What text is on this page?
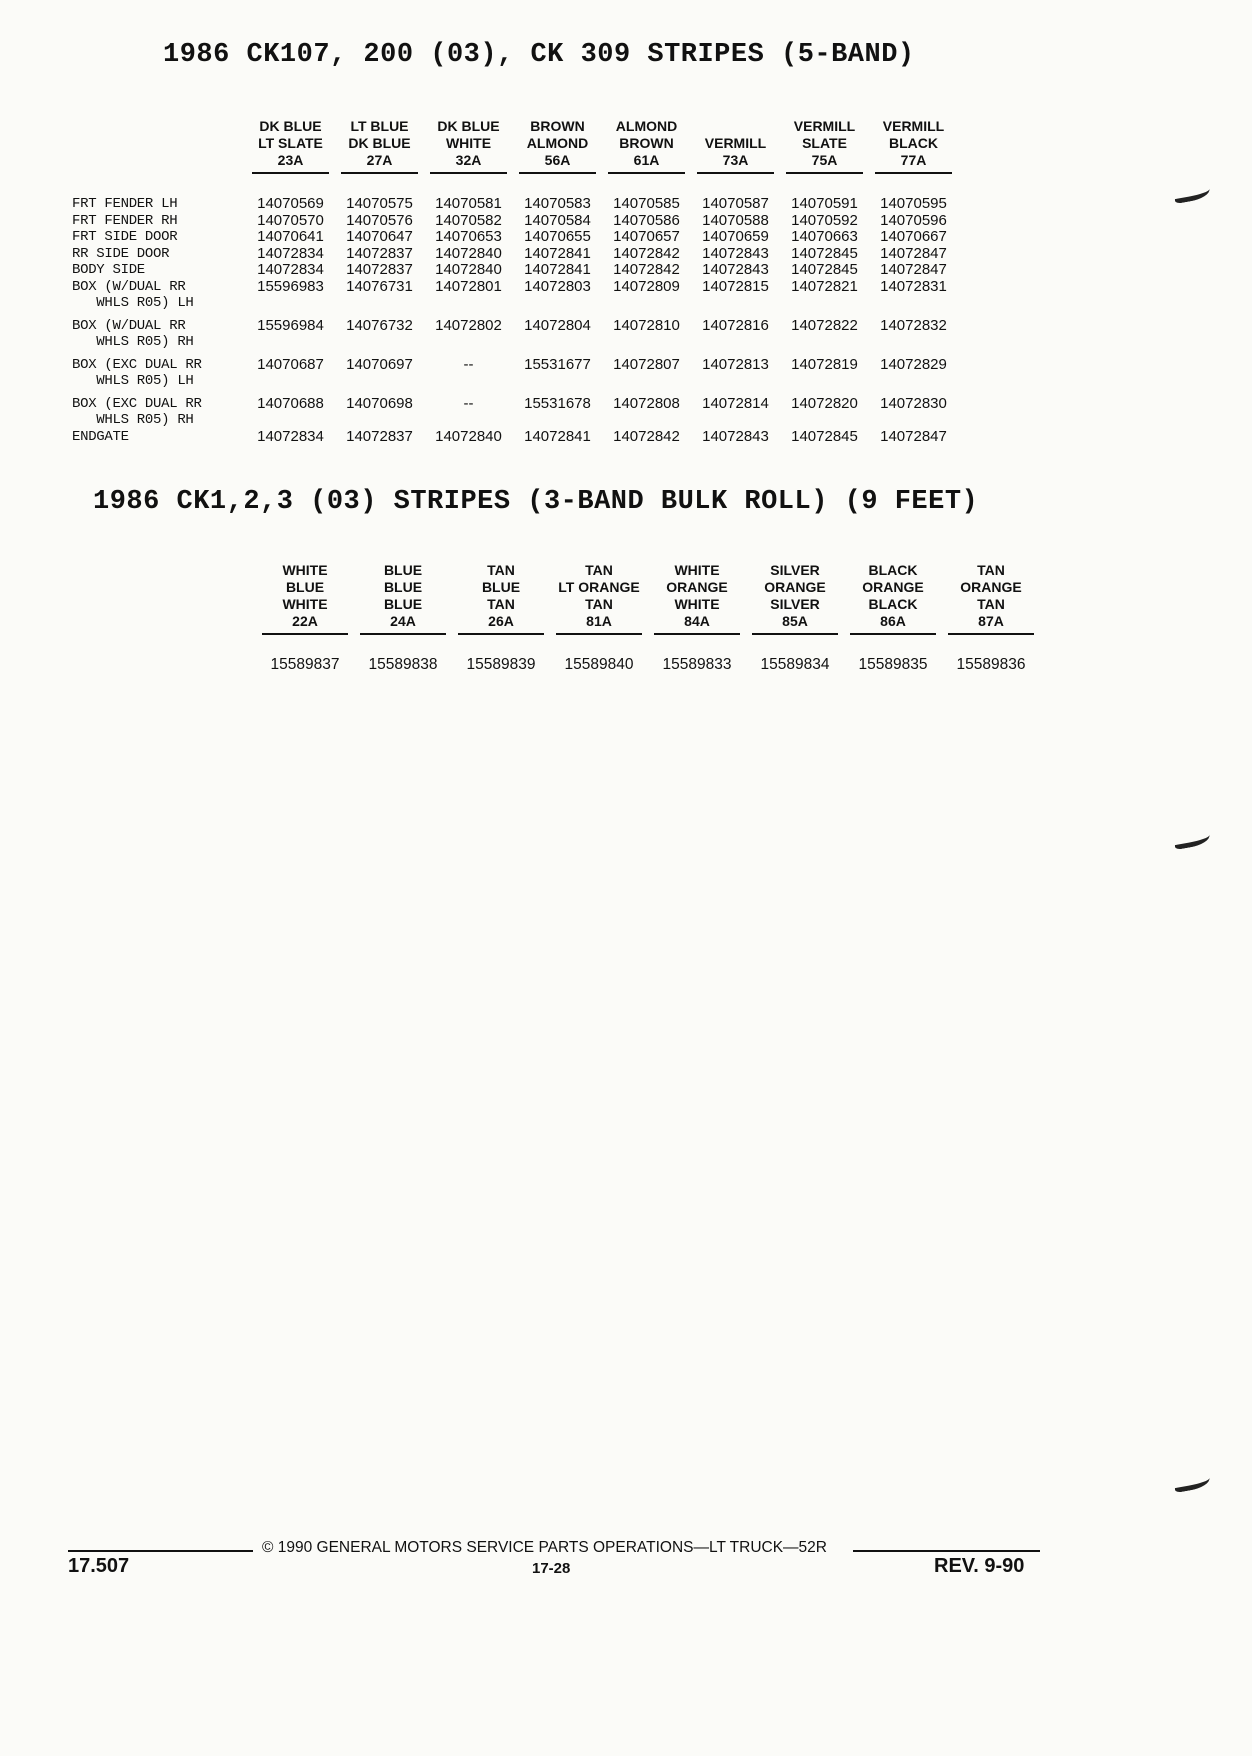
1986 CK107, 200 (03), CK 309 STRIPES (5-BAND)

	DK BLUE
LT SLATE
23A	LT BLUE
DK BLUE
27A	DK BLUE
WHITE
32A	BROWN
ALMOND
56A	ALMOND
BROWN
61A	VERMILL
73A	VERMILL
SLATE
75A	VERMILL
BLACK
77A

FRT FENDER LH	14070569	14070575	14070581	14070583	14070585	14070587	14070591	14070595
FRT FENDER RH	14070570	14070576	14070582	14070584	14070586	14070588	14070592	14070596
FRT SIDE DOOR	14070641	14070647	14070653	14070655	14070657	14070659	14070663	14070667
RR SIDE DOOR	14072834	14072837	14072840	14072841	14072842	14072843	14072845	14072847
BODY SIDE	14072834	14072837	14072840	14072841	14072842	14072843	14072845	14072847
BOX (W/DUAL RR	15596983	14076731	14072801	14072803	14072809	14072815	14072821	14072831
WHLS R05) LH								
BOX (W/DUAL RR	15596984	14076732	14072802	14072804	14072810	14072816	14072822	14072832
WHLS R05) RH								
BOX (EXC DUAL RR	14070687	14070697	--	15531677	14072807	14072813	14072819	14072829
WHLS R05) LH								
BOX (EXC DUAL RR	14070688	14070698	--	15531678	14072808	14072814	14072820	14072830
WHLS R05) RH								
ENDGATE	14072834	14072837	14072840	14072841	14072842	14072843	14072845	14072847
1986 CK1,2,3 (03) STRIPES (3-BAND BULK ROLL) (9 FEET)
WHITE
BLUE
WHITE
22A	BLUE
BLUE
BLUE
24A	TAN
BLUE
TAN
26A	TAN
LT ORANGE
TAN
81A	WHITE
ORANGE
WHITE
84A	SILVER
ORANGE
SILVER
85A	BLACK
ORANGE
BLACK
86A	TAN
ORANGE
TAN
87A

15589837	15589838	15589839	15589840	15589833	15589834	15589835	15589836
© 1990 GENERAL MOTORS SERVICE PARTS OPERATIONS—LT TRUCK—52R
17.507	17-28	REV. 9-90
